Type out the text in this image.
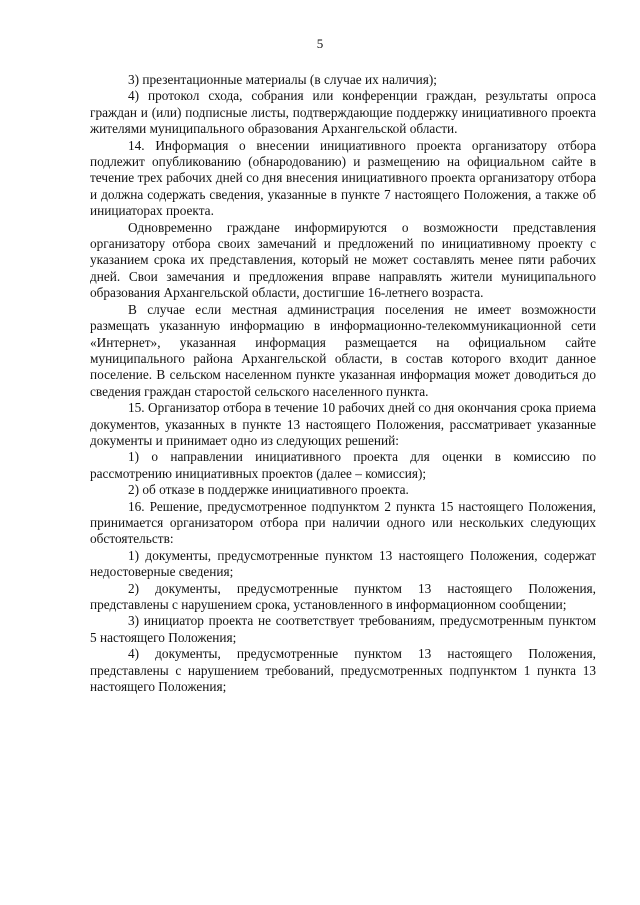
5

3) презентационные материалы (в случае их наличия);

4) протокол схода, собрания или конференции граждан, результаты опроса граждан и (или) подписные листы, подтверждающие поддержку инициативного проекта жителями муниципального образования Архангельской области.

14. Информация о внесении инициативного проекта организатору отбора подлежит опубликованию (обнародованию) и размещению на официальном сайте в течение трех рабочих дней со дня внесения инициативного проекта организатору отбора и должна содержать сведения, указанные в пункте 7 настоящего Положения, а также об инициаторах проекта.

Одновременно граждане информируются о возможности представления организатору отбора своих замечаний и предложений по инициативному проекту с указанием срока их представления, который не может составлять менее пяти рабочих дней. Свои замечания и предложения вправе направлять жители муниципального образования Архангельской области, достигшие 16-летнего возраста.

В случае если местная администрация поселения не имеет возможности размещать указанную информацию в информационно-телекоммуникационной сети «Интернет», указанная информация размещается на официальном сайте муниципального района Архангельской области, в состав которого входит данное поселение. В сельском населенном пункте указанная информация может доводиться до сведения граждан старостой сельского населенного пункта.

15. Организатор отбора в течение 10 рабочих дней со дня окончания срока приема документов, указанных в пункте 13 настоящего Положения, рассматривает указанные документы и принимает одно из следующих решений:

1) о направлении инициативного проекта для оценки в комиссию по рассмотрению инициативных проектов (далее – комиссия);

2) об отказе в поддержке инициативного проекта.

16. Решение, предусмотренное подпунктом 2 пункта 15 настоящего Положения, принимается организатором отбора при наличии одного или нескольких следующих обстоятельств:

1) документы, предусмотренные пунктом 13 настоящего Положения, содержат недостоверные сведения;

2) документы, предусмотренные пунктом 13 настоящего Положения, представлены с нарушением срока, установленного в информационном сообщении;

3) инициатор проекта не соответствует требованиям, предусмотренным пунктом 5 настоящего Положения;

4) документы, предусмотренные пунктом 13 настоящего Положения, представлены с нарушением требований, предусмотренных подпунктом 1 пункта 13 настоящего Положения;
